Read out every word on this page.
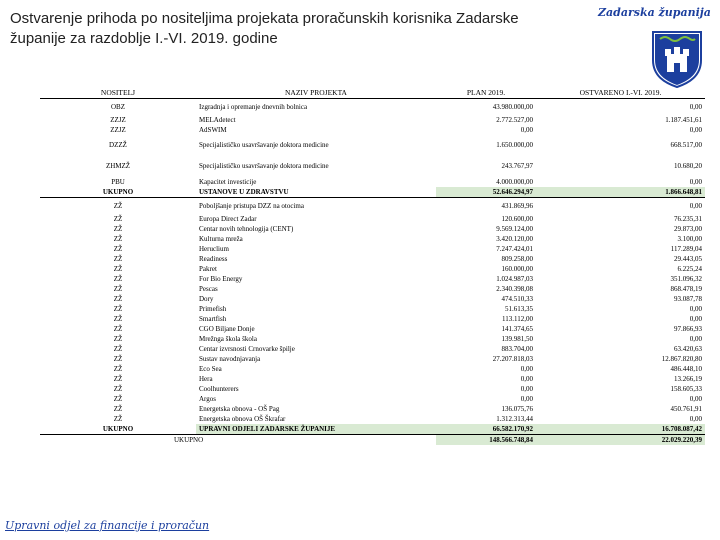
Ostvarenje prihoda po nositeljima projekata proračunskih korisnika Zadarske županije za razdoblje I.-VI. 2019. godine
Zadarska županija
NOSITELJ	NAZIV PROJEKTA	PLAN 2019.	OSTVARENO I.-VI. 2019.
OBZ	Izgradnja i opremanje dnevnih bolnica	43.980.000,00	0,00
ZZJZ	MELAdetect	2.772.527,00	1.187.451,61
ZZJZ	AdSWIM	0,00	0,00
DZZŽ	Specijalističko usavršavanje doktora medicine	1.650.000,00	668.517,00
ZHMZŽ	Specijalističko usavršavanje doktora medicine	243.767,97	10.680,20
PBU	Kapacitet investicije	4.000.000,00	0,00
UKUPNO	USTANOVE U ZDRAVSTVU	52.646.294,97	1.866.648,81
ZŽ	Poboljšanje pristupa DZZ na otocima	431.869,96	0,00
ZŽ	Europa Direct Zadar	120.600,00	76.235,31
ZŽ	Centar novih tehnologija (CENT)	9.569.124,00	29.873,00
ZŽ	Kulturna mreža	3.420.120,00	3.100,00
ZŽ	Heruclium	7.247.424,01	117.289,04
ZŽ	Readiness	809.258,00	29.443,05
ZŽ	Pakret	160.000,00	6.225,24
ZŽ	For Bio Energy	1.024.987,03	351.096,32
ZŽ	Pescas	2.340.398,08	868.478,19
ZŽ	Dory	474.510,33	93.087,78
ZŽ	Primefish	51.613,35	0,00
ZŽ	Smartfish	113.112,00	0,00
ZŽ	CGO Biljane Donje	141.374,65	97.866,93
ZŽ	Mrežnga škola škola	139.981,50	0,00
ZŽ	Centar izvrsnosti Crnovarke špilje	883.704,00	63.420,63
ZŽ	Sustav navodnjavanja	27.207.818,03	12.867.820,80
ZŽ	Eco Sea	0,00	486.448,10
ZŽ	Hera	0,00	13.266,19
ZŽ	Coolhunterers	0,00	158.605,33
ZŽ	Argos	0,00	0,00
ZŽ	Energetska obnova - OŠ Pag	136.075,76	450.761,91
ZŽ	Energetska obnova OŠ Škrafar	1.312.313,44	0,00
UKUPNO	UPRAVNI ODJELI ZADARSKE ŽUPANIJE	66.582.170,92	16.708.087,42
UKUPNO		148.566.748,84	22.029.220,39
Upravni odjel za financije i proračun
